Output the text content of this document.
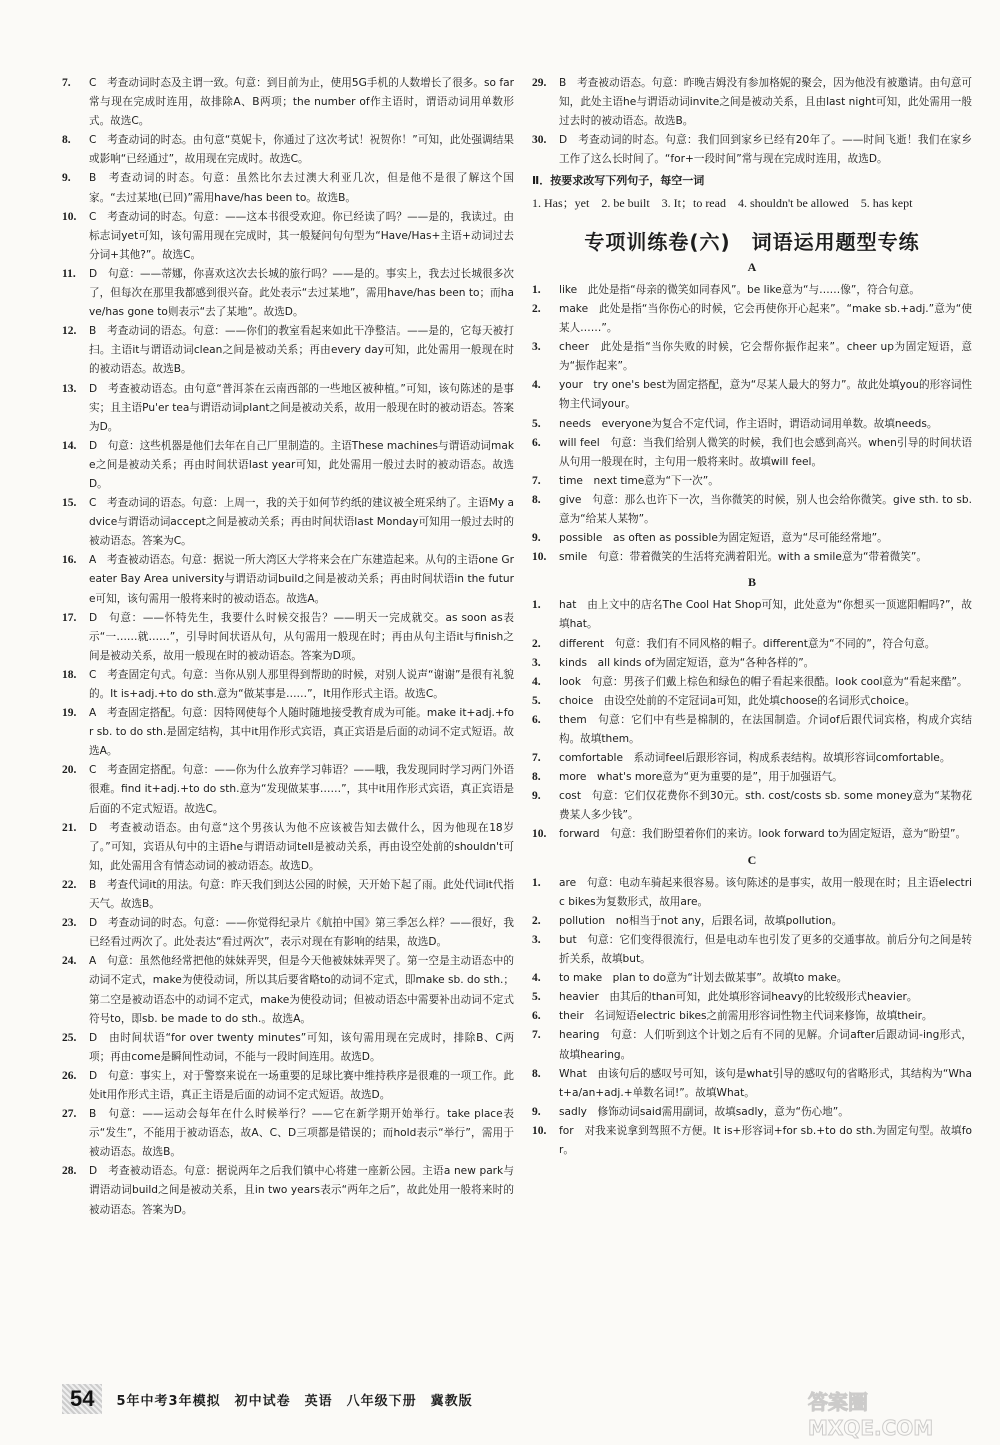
7.	C　考查动词时态及主谓一致。句意：到目前为止，使用5G手机的人数增长了很多。so far常与现在完成时连用，故排除A、B两项；the number of作主语时，谓语动词用单数形式。故选C。
8.	C　考查动词的时态。由句意“莫妮卡，你通过了这次考试！祝贺你！”可知，此处强调结果或影响“已经通过”，故用现在完成时。故选C。
9.	B　考查动词的时态。句意：虽然比尔去过澳大利亚几次，但是他不是很了解这个国家。“去过某地(已回)”需用have/has been to。故选B。
10.	C　考查动词的时态。句意：——这本书很受欢迎。你已经读了吗？——是的，我读过。由标志词yet可知，该句需用现在完成时，其一般疑问句句型为“Have/Has+主语+动词过去分词+其他?”。故选C。
11.	D　句意：——蒂娜，你喜欢这次去长城的旅行吗？——是的。事实上，我去过长城很多次了，但每次在那里我都感到很兴奋。此处表示“去过某地”，需用have/has been to；而have/has gone to则表示“去了某地”。故选D。
12.	B　考查动词的语态。句意：——你们的教室看起来如此干净整洁。——是的，它每天被打扫。主语it与谓语动词clean之间是被动关系；再由every day可知，此处需用一般现在时的被动语态。故选B。
13.	D　考查被动语态。由句意“普洱茶在云南西部的一些地区被种植。”可知，该句陈述的是事实；且主语Pu'er tea与谓语动词plant之间是被动关系，故用一般现在时的被动语态。答案为D。
14.	D　句意：这些机器是他们去年在自己厂里制造的。主语These machines与谓语动词make之间是被动关系；再由时间状语last year可知，此处需用一般过去时的被动语态。故选D。
15.	C　考查动词的语态。句意：上周一，我的关于如何节约纸的建议被全班采纳了。主语My advice与谓语动词accept之间是被动关系；再由时间状语last Monday可知用一般过去时的被动语态。答案为C。
16.	A　考查被动语态。句意：据说一所大湾区大学将来会在广东建造起来。从句的主语one Greater Bay Area university与谓语动词build之间是被动关系；再由时间状语in the future可知，该句需用一般将来时的被动语态。故选A。
17.	D　句意：——怀特先生，我要什么时候交报告？——明天一完成就交。as soon as表示“一……就……”，引导时间状语从句，从句需用一般现在时；再由从句主语it与finish之间是被动关系，故用一般现在时的被动语态。答案为D项。
18.	C　考查固定句式。句意：当你从别人那里得到帮助的时候，对别人说声“谢谢”是很有礼貌的。It is+adj.+to do sth.意为“做某事是……”，It用作形式主语。故选C。
19.	A　考查固定搭配。句意：因特网使每个人随时随地接受教育成为可能。make it+adj.+for sb. to do sth.是固定结构，其中it用作形式宾语，真正宾语是后面的动词不定式短语。故选A。
20.	C　考查固定搭配。句意：——你为什么放弃学习韩语？——哦，我发现同时学习两门外语很难。find it+adj.+to do sth.意为“发现做某事……”，其中it用作形式宾语，真正宾语是后面的不定式短语。故选C。
21.	D　考查被动语态。由句意“这个男孩认为他不应该被告知去做什么，因为他现在18岁了。”可知，宾语从句中的主语he与谓语动词tell是被动关系，再由设空处前的shouldn't可知，此处需用含有情态动词的被动语态。故选D。
22.	B　考查代词it的用法。句意：昨天我们到达公园的时候，天开始下起了雨。此处代词it代指天气。故选B。
23.	D　考查动词的时态。句意：——你觉得纪录片《航拍中国》第三季怎么样？——很好，我已经看过两次了。此处表达“看过两次”，表示对现在有影响的结果，故选D。
24.	A　句意：虽然他经常把他的妹妹弄哭，但是今天他被妹妹弄哭了。第一空是主动语态中的动词不定式，make为使役动词，所以其后要省略to的动词不定式，即make sb. do sth.；第二空是被动语态中的动词不定式，make为使役动词；但被动语态中需要补出动词不定式符号to，即sb. be made to do sth.。故选A。
25.	D　由时间状语“for over twenty minutes”可知，该句需用现在完成时，排除B、C两项；再由come是瞬间性动词，不能与一段时间连用。故选D。
26.	D　句意：事实上，对于警察来说在一场重要的足球比赛中维持秩序是很难的一项工作。此处it用作形式主语，真正主语是后面的动词不定式短语。故选D。
27.	B　句意：——运动会每年在什么时候举行？——它在新学期开始举行。take place表示“发生”，不能用于被动语态，故A、C、D三项都是错误的；而hold表示“举行”，需用于被动语态。故选B。
28.	D　考查被动语态。句意：据说两年之后我们镇中心将建一座新公园。主语a new park与谓语动词build之间是被动关系，且in two years表示“两年之后”，故此处用一般将来时的被动语态。答案为D。
29.	B　考查被动语态。句意：昨晚吉姆没有参加格妮的聚会，因为他没有被邀请。由句意可知，此处主语he与谓语动词invite之间是被动关系，且由last night可知，此处需用一般过去时的被动语态。故选B。
30.	D　考查动词的时态。句意：我们回到家乡已经有20年了。——时间飞逝！我们在家乡工作了这么长时间了。“for+一段时间”常与现在完成时连用，故选D。
Ⅱ．按要求改写下列句子，每空一词
1. Has；yet　2. be built　3. It；to read　4. shouldn't be allowed　5. has kept
专项训练卷(六)　词语运用题型专练
A
1.	like　此处是指“母亲的微笑如同春风”。be like意为“与……像”，符合句意。
2.	make　此处是指“当你伤心的时候，它会再使你开心起来”。“make sb.+adj.”意为“使某人……”。
3.	cheer　此处是指“当你失败的时候，它会帮你振作起来”。cheer up为固定短语，意为“振作起来”。
4.	your　try one's best为固定搭配，意为“尽某人最大的努力”。故此处填you的形容词性物主代词your。
5.	needs　everyone为复合不定代词，作主语时，谓语动词用单数。故填needs。
6.	will feel　句意：当我们给别人微笑的时候，我们也会感到高兴。when引导的时间状语从句用一般现在时，主句用一般将来时。故填will feel。
7.	time　next time意为“下一次”。
8.	give　句意：那么也许下一次，当你微笑的时候，别人也会给你微笑。give sth. to sb.意为“给某人某物”。
9.	possible　as often as possible为固定短语，意为“尽可能经常地”。
10.	smile　句意：带着微笑的生活将充满着阳光。with a smile意为“带着微笑”。
B
1.	hat　由上文中的店名The Cool Hat Shop可知，此处意为“你想买一顶遮阳帽吗?”，故填hat。
2.	different　句意：我们有不同风格的帽子。different意为“不同的”，符合句意。
3.	kinds　all kinds of为固定短语，意为“各种各样的”。
4.	look　句意：男孩子们戴上棕色和绿色的帽子看起来很酷。look cool意为“看起来酷”。
5.	choice　由设空处前的不定冠词a可知，此处填choose的名词形式choice。
6.	them　句意：它们中有些是棉制的，在法国制造。介词of后跟代词宾格，构成介宾结构。故填them。
7.	comfortable　系动词feel后跟形容词，构成系表结构。故填形容词comfortable。
8.	more　what's more意为“更为重要的是”，用于加强语气。
9.	cost　句意：它们仅花费你不到30元。sth. cost/costs sb. some money意为“某物花费某人多少钱”。
10.	forward　句意：我们盼望着你们的来访。look forward to为固定短语，意为“盼望”。
C
1.	are　句意：电动车骑起来很容易。该句陈述的是事实，故用一般现在时；且主语electric bikes为复数形式，故用are。
2.	pollution　no相当于not any，后跟名词，故填pollution。
3.	but　句意：它们变得很流行，但是电动车也引发了更多的交通事故。前后分句之间是转折关系，故填but。
4.	to make　plan to do意为“计划去做某事”。故填to make。
5.	heavier　由其后的than可知，此处填形容词heavy的比较级形式heavier。
6.	their　名词短语electric bikes之前需用形容词性物主代词来修饰，故填their。
7.	hearing　句意：人们听到这个计划之后有不同的见解。介词after后跟动词-ing形式，故填hearing。
8.	What　由该句后的感叹号可知，该句是what引导的感叹句的省略形式，其结构为“What+a/an+adj.+单数名词!”。故填What。
9.	sadly　修饰动词said需用副词，故填sadly，意为“伤心地”。
10.	for　对我来说拿到驾照不方便。It is+形容词+for sb.+to do sth.为固定句型。故填for。
54	5年中考3年模拟　初中试卷　英语　八年级下册　冀教版	答案圈
MXQE.COM
